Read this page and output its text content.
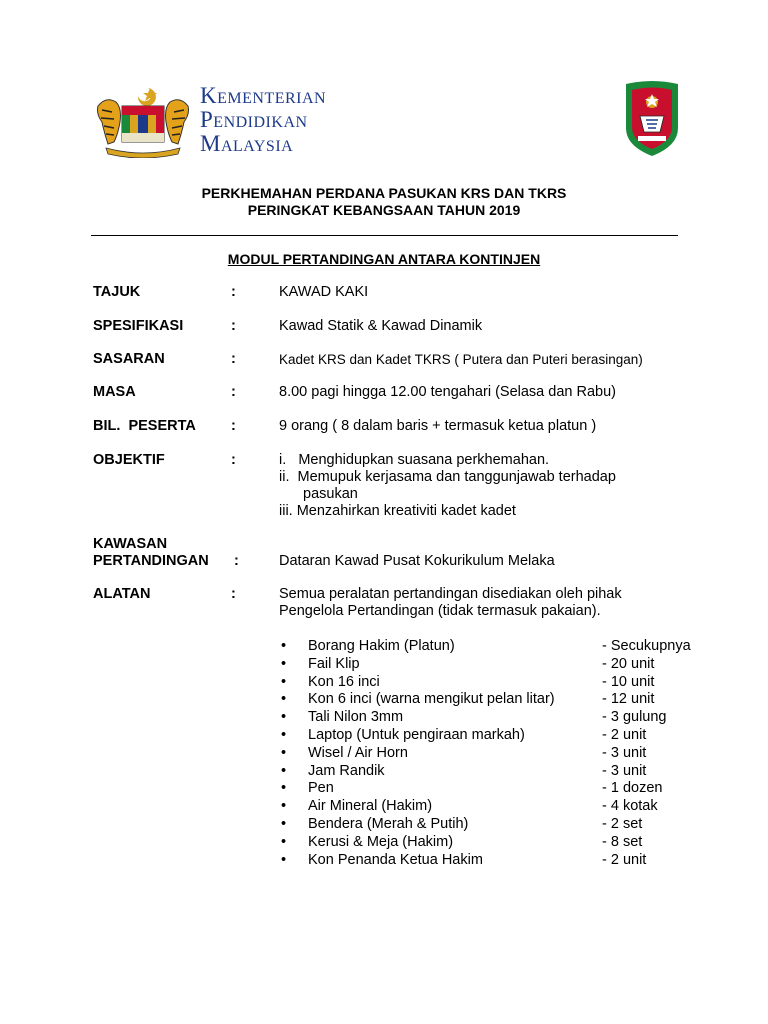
Kementerian
Pendidikan
Malaysia
PERKHEMAHAN PERDANA PASUKAN KRS DAN TKRS
PERINGKAT KEBANGSAAN TAHUN 2019
MODUL PERTANDINGAN ANTARA KONTINJEN
TAJUK	:	KAWAD KAKI
SPESIFIKASI	:	Kawad Statik & Kawad Dinamik
SASARAN	:	Kadet KRS dan Kadet TKRS ( Putera dan Puteri berasingan)
MASA	:	8.00 pagi hingga 12.00 tengahari (Selasa dan Rabu)
BIL.  PESERTA :	9 orang ( 8 dalam baris + termasuk ketua platun )
OBJEKTIF	:	i.   Menghidupkan suasana perkhemahan.
ii.  Memupuk kerjasama dan tanggunjawab terhadap
pasukan
iii. Menzahirkan kreativiti kadet kadet
KAWASAN
PERTANDINGAN :	Dataran Kawad Pusat Kokurikulum Melaka
ALATAN	:	Semua peralatan pertandingan disediakan oleh pihak
Pengelola Pertandingan (tidak termasuk pakaian).
• Borang Hakim (Platun)	- Secukupnya
• Fail Klip	- 20 unit
• Kon 16 inci	- 10 unit
• Kon 6 inci (warna mengikut pelan litar)	- 12 unit
• Tali Nilon 3mm	- 3 gulung
• Laptop (Untuk pengiraan markah)	- 2 unit
• Wisel / Air Horn	- 3 unit
• Jam Randik	- 3 unit
• Pen	- 1 dozen
• Air Mineral (Hakim)	- 4 kotak
• Bendera (Merah & Putih)	- 2 set
• Kerusi & Meja (Hakim)	- 8 set
• Kon Penanda Ketua Hakim	- 2 unit
